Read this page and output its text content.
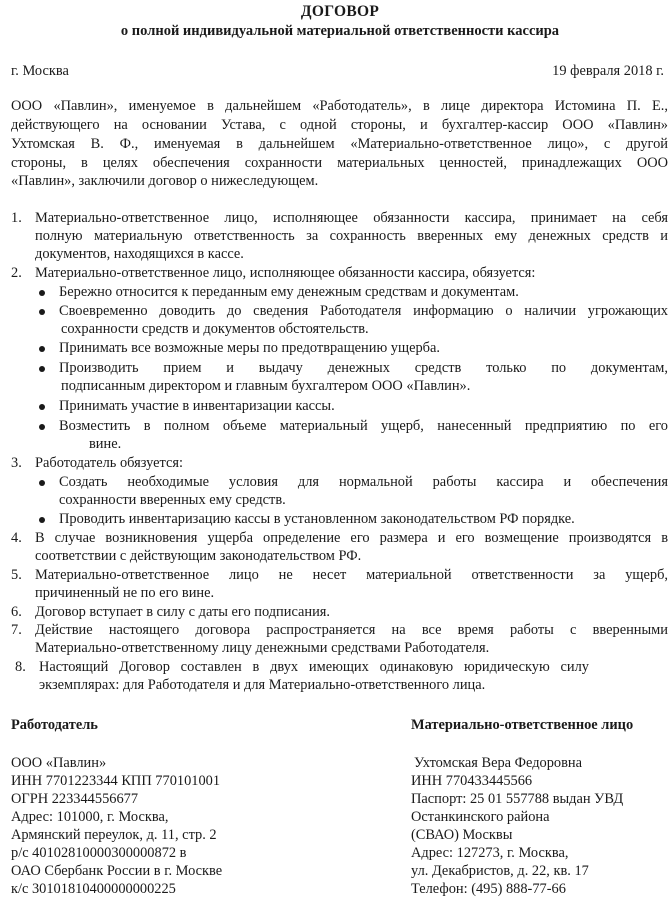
ДОГОВОР
о полной индивидуальной материальной ответственности кассира
г. Москва	19 февраля 2018 г.
ООО «Павлин», именуемое в дальнейшем «Работодатель», в лице директора Истомина П. Е.,
действующего на основании Устава, с одной стороны, и бухгалтер-кассир ООО «Павлин»
Ухтомская В. Ф., именуемая в дальнейшем «Материально-ответственное лицо», с другой
стороны, в целях обеспечения сохранности материальных ценностей, принадлежащих ООО
«Павлин», заключили договор о нижеследующем.
1. Материально-ответственное лицо, исполняющее обязанности кассира, принимает на себя
полную материальную ответственность за сохранность вверенных ему денежных средств и
документов, находящихся в кассе.
2. Материально-ответственное лицо, исполняющее обязанности кассира, обязуется:
Бережно относится к переданным ему денежным средствам и документам.
Своевременно доводить до сведения Работодателя информацию о наличии угрожающих
сохранности средств и документов обстоятельств.
Принимать все возможные меры по предотвращению ущерба.
Производить прием и выдачу денежных средств только по документам,
подписанным директором и главным бухгалтером ООО «Павлин».
Принимать участие в инвентаризации кассы.
Возместить в полном объеме материальный ущерб, нанесенный предприятию по его
вине.
3. Работодатель обязуется:
Создать необходимые условия для нормальной работы кассира и обеспечения
сохранности вверенных ему средств.
Проводить инвентаризацию кассы в установленном законодательством РФ порядке.
4. В случае возникновения ущерба определение его размера и его возмещение производятся в
соответствии с действующим законодательством РФ.
5. Материально-ответственное лицо не несет материальной ответственности за ущерб,
причиненный не по его вине.
6. Договор вступает в силу с даты его подписания.
7. Действие настоящего договора распространяется на все время работы с вверенными
Материально-ответственному лицу денежными средствами Работодателя.
8. Настоящий Договор составлен в двух имеющих одинаковую юридическую силу
экземплярах: для Работодателя и для Материально-ответственного лица.
Работодатель
ООО «Павлин»
ИНН 7701223344 КПП 770101001
ОГРН 223344556677
Адрес: 101000, г. Москва,
Армянский переулок, д. 11, стр. 2
р/с 40102810000300000872 в
ОАО Сбербанк России в г. Москве
к/с 30101810400000000225
Материально-ответственное лицо
Ухтомская Вера Федоровна
ИНН 770433445566
Паспорт: 25 01 557788 выдан УВД
Останкинского района
(СВАО) Москвы
Адрес: 127273, г. Москва,
ул. Декабристов, д. 22, кв. 17
Телефон: (495) 888-77-66
